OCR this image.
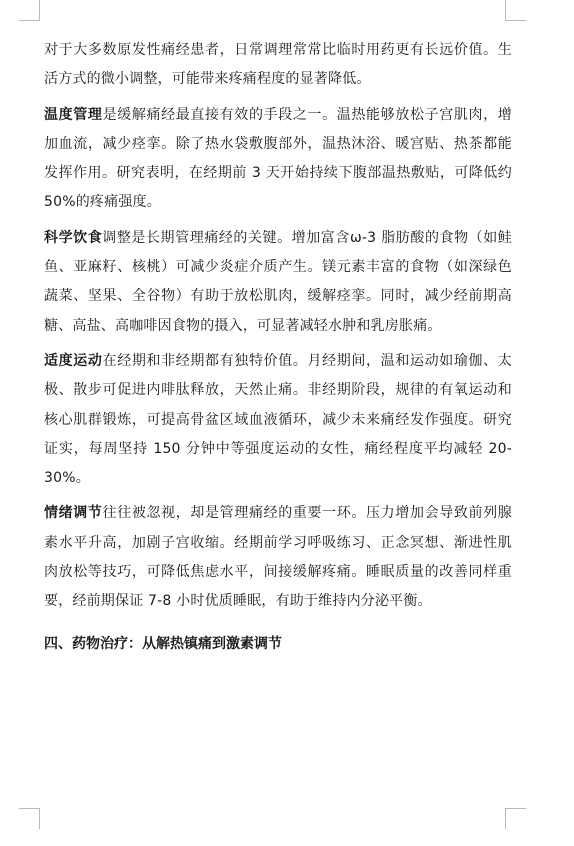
对于大多数原发性痛经患者，日常调理常常比临时用药更有长远价值。生活方式的微小调整，可能带来疼痛程度的显著降低。

温度管理是缓解痛经最直接有效的手段之一。温热能够放松子宫肌肉，增加血流，减少痉挛。除了热水袋敷腹部外，温热沐浴、暖宫贴、热茶都能发挥作用。研究表明，在经期前 3 天开始持续下腹部温热敷贴，可降低约 50%的疼痛强度。

科学饮食调整是长期管理痛经的关键。增加富含ω-3 脂肪酸的食物（如鲑鱼、亚麻籽、核桃）可减少炎症介质产生。镁元素丰富的食物（如深绿色蔬菜、坚果、全谷物）有助于放松肌肉，缓解痉挛。同时，减少经前期高糖、高盐、高咖啡因食物的摄入，可显著减轻水肿和乳房胀痛。

适度运动在经期和非经期都有独特价值。月经期间，温和运动如瑜伽、太极、散步可促进内啡肽释放，天然止痛。非经期阶段，规律的有氧运动和核心肌群锻炼，可提高骨盆区域血液循环，减少未来痛经发作强度。研究证实，每周坚持 150 分钟中等强度运动的女性，痛经程度平均减轻 20-30%。

情绪调节往往被忽视，却是管理痛经的重要一环。压力增加会导致前列腺素水平升高，加剧子宫收缩。经期前学习呼吸练习、正念冥想、渐进性肌肉放松等技巧，可降低焦虑水平，间接缓解疼痛。睡眠质量的改善同样重要，经前期保证 7-8 小时优质睡眠，有助于维持内分泌平衡。

四、药物治疗：从解热镇痛到激素调节
